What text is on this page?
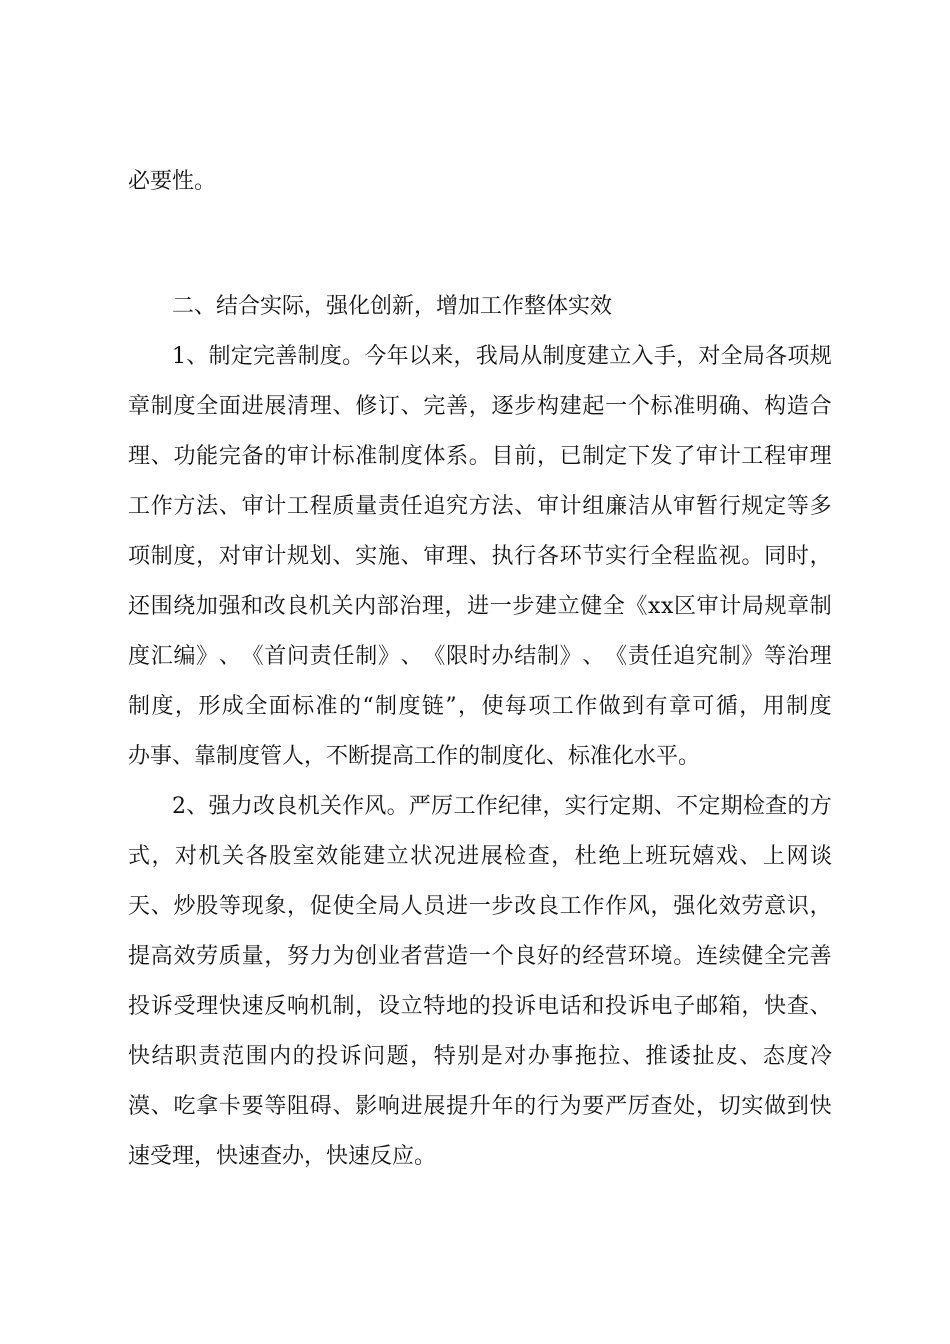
必要性。
二、结合实际，强化创新，增加工作整体实效
1 、 制 定 完 善 制 度 。 今 年 以 来 ， 我 局 从 制 度 建 立 入 手 ， 对 全 局 各 项 规
章 制 度 全 面 进 展 清 理 、 修 订 、 完 善 ， 逐 步 构 建 起 一 个 标 准 明 确 、 构 造 合
理 、 功 能 完 备 的 审 计 标 准 制 度 体 系 。 目 前 ， 已 制 定 下 发 了 审 计 工 程 审 理
工 作 方 法 、 审 计 工 程 质 量 责 任 追 究 方 法 、 审 计 组 廉 洁 从 审 暂 行 规 定 等 多
项 制 度 ， 对 审 计 规 划 、 实 施 、 审 理 、 执 行 各 环 节 实 行 全 程 监 视 。 同 时 ，
还 围 绕 加 强 和 改 良 机 关 内 部 治 理 ， 进 一 步 建 立 健 全 《 x x 区 审 计 局 规 章 制
度 汇 编 》 、 《 首 问 责 任 制 》 、 《 限 时 办 结 制 》 、 《 责 任 追 究 制 》 等 治 理
制 度 ， 形 成 全 面 标 准 的 “ 制 度 链 ” ， 使 每 项 工 作 做 到 有 章 可 循 ， 用 制 度
办事、靠制度管人，不断提高工作的制度化、标准化水平。
2 、 强 力 改 良 机 关 作 风 。 严 厉 工 作 纪 律 ， 实 行 定 期 、 不 定 期 检 查 的 方
式 ， 对 机 关 各 股 室 效 能 建 立 状 况 进 展 检 查 ， 杜 绝 上 班 玩 嬉 戏 、 上 网 谈
天 、 炒 股 等 现 象 ， 促 使 全 局 人 员 进 一 步 改 良 工 作 作 风 ， 强 化 效 劳 意 识 ，
提 高 效 劳 质 量 ， 努 力 为 创 业 者 营 造 一 个 良 好 的 经 营 环 境 。 连 续 健 全 完 善
投 诉 受 理 快 速 反 响 机 制 ， 设 立 特 地 的 投 诉 电 话 和 投 诉 电 子 邮 箱 ， 快 查 、
快 结 职 责 范 围 内 的 投 诉 问 题 ， 特 别 是 对 办 事 拖 拉 、 推 诿 扯 皮 、 态 度 冷
漠 、 吃 拿 卡 要 等 阻 碍 、 影 响 进 展 提 升 年 的 行 为 要 严 厉 查 处 ， 切 实 做 到 快
速受理，快速查办，快速反应。
